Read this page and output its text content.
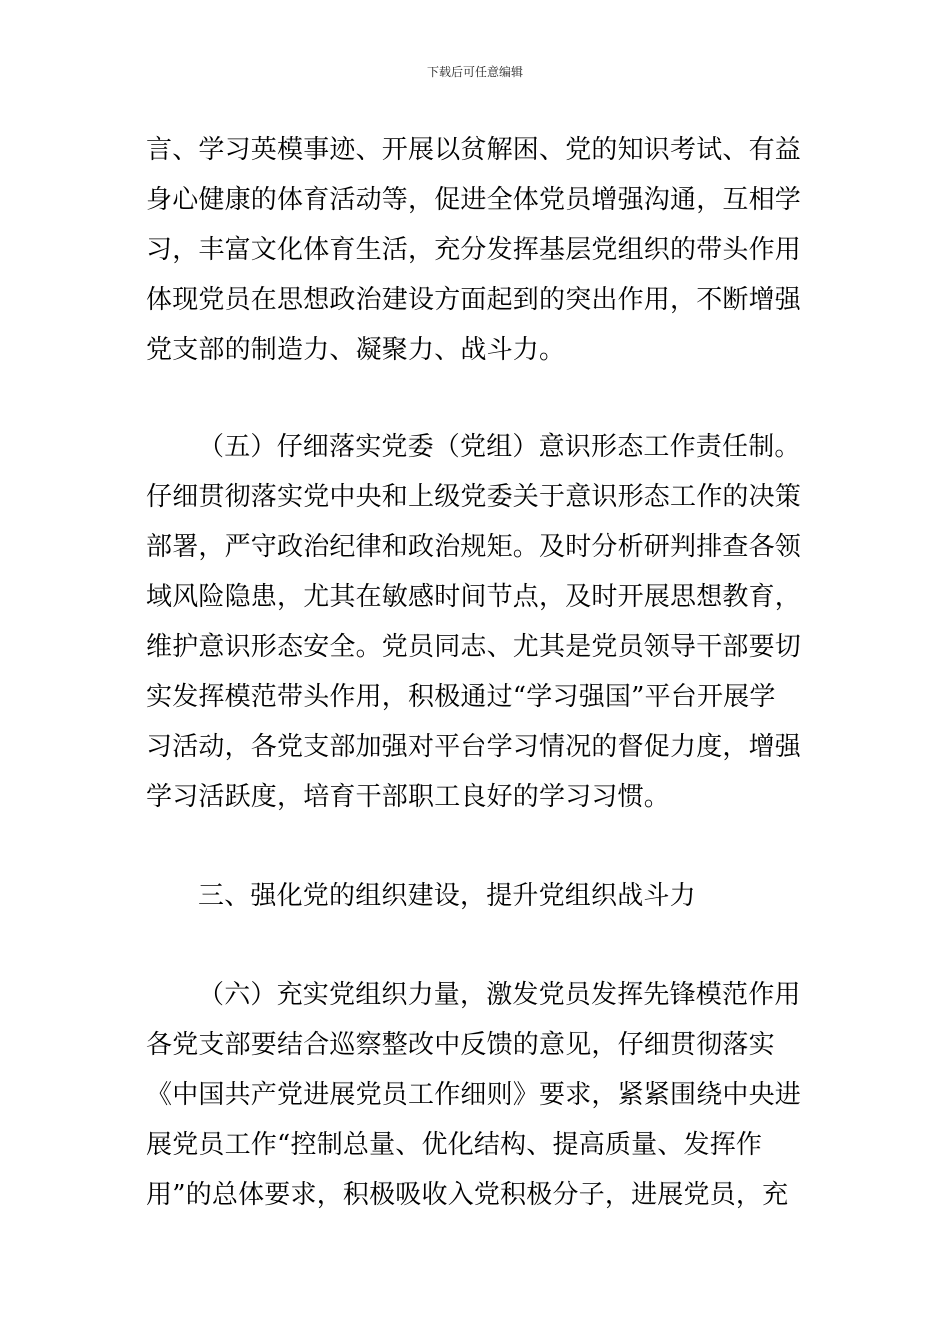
下载后可任意编辑
言、学习英模事迹、开展以贫解困、党的知识考试、有益
身心健康的体育活动等，促进全体党员增强沟通，互相学
习，丰富文化体育生活，充分发挥基层党组织的带头作用
体现党员在思想政治建设方面起到的突出作用，不断增强
党支部的制造力、凝聚力、战斗力。
（五）仔细落实党委（党组）意识形态工作责任制。
仔细贯彻落实党中央和上级党委关于意识形态工作的决策
部署，严守政治纪律和政治规矩。及时分析研判排查各领
域风险隐患，尤其在敏感时间节点，及时开展思想教育，
维护意识形态安全。党员同志、尤其是党员领导干部要切
实发挥模范带头作用，积极通过“学习强国”平台开展学
习活动，各党支部加强对平台学习情况的督促力度，增强
学习活跃度，培育干部职工良好的学习习惯。
三、强化党的组织建设，提升党组织战斗力
（六）充实党组织力量，激发党员发挥先锋模范作用
各党支部要结合巡察整改中反馈的意见，仔细贯彻落实
《中国共产党进展党员工作细则》要求，紧紧围绕中央进
展党员工作“控制总量、优化结构、提高质量、发挥作
用”的总体要求，积极吸收入党积极分子，进展党员，充
